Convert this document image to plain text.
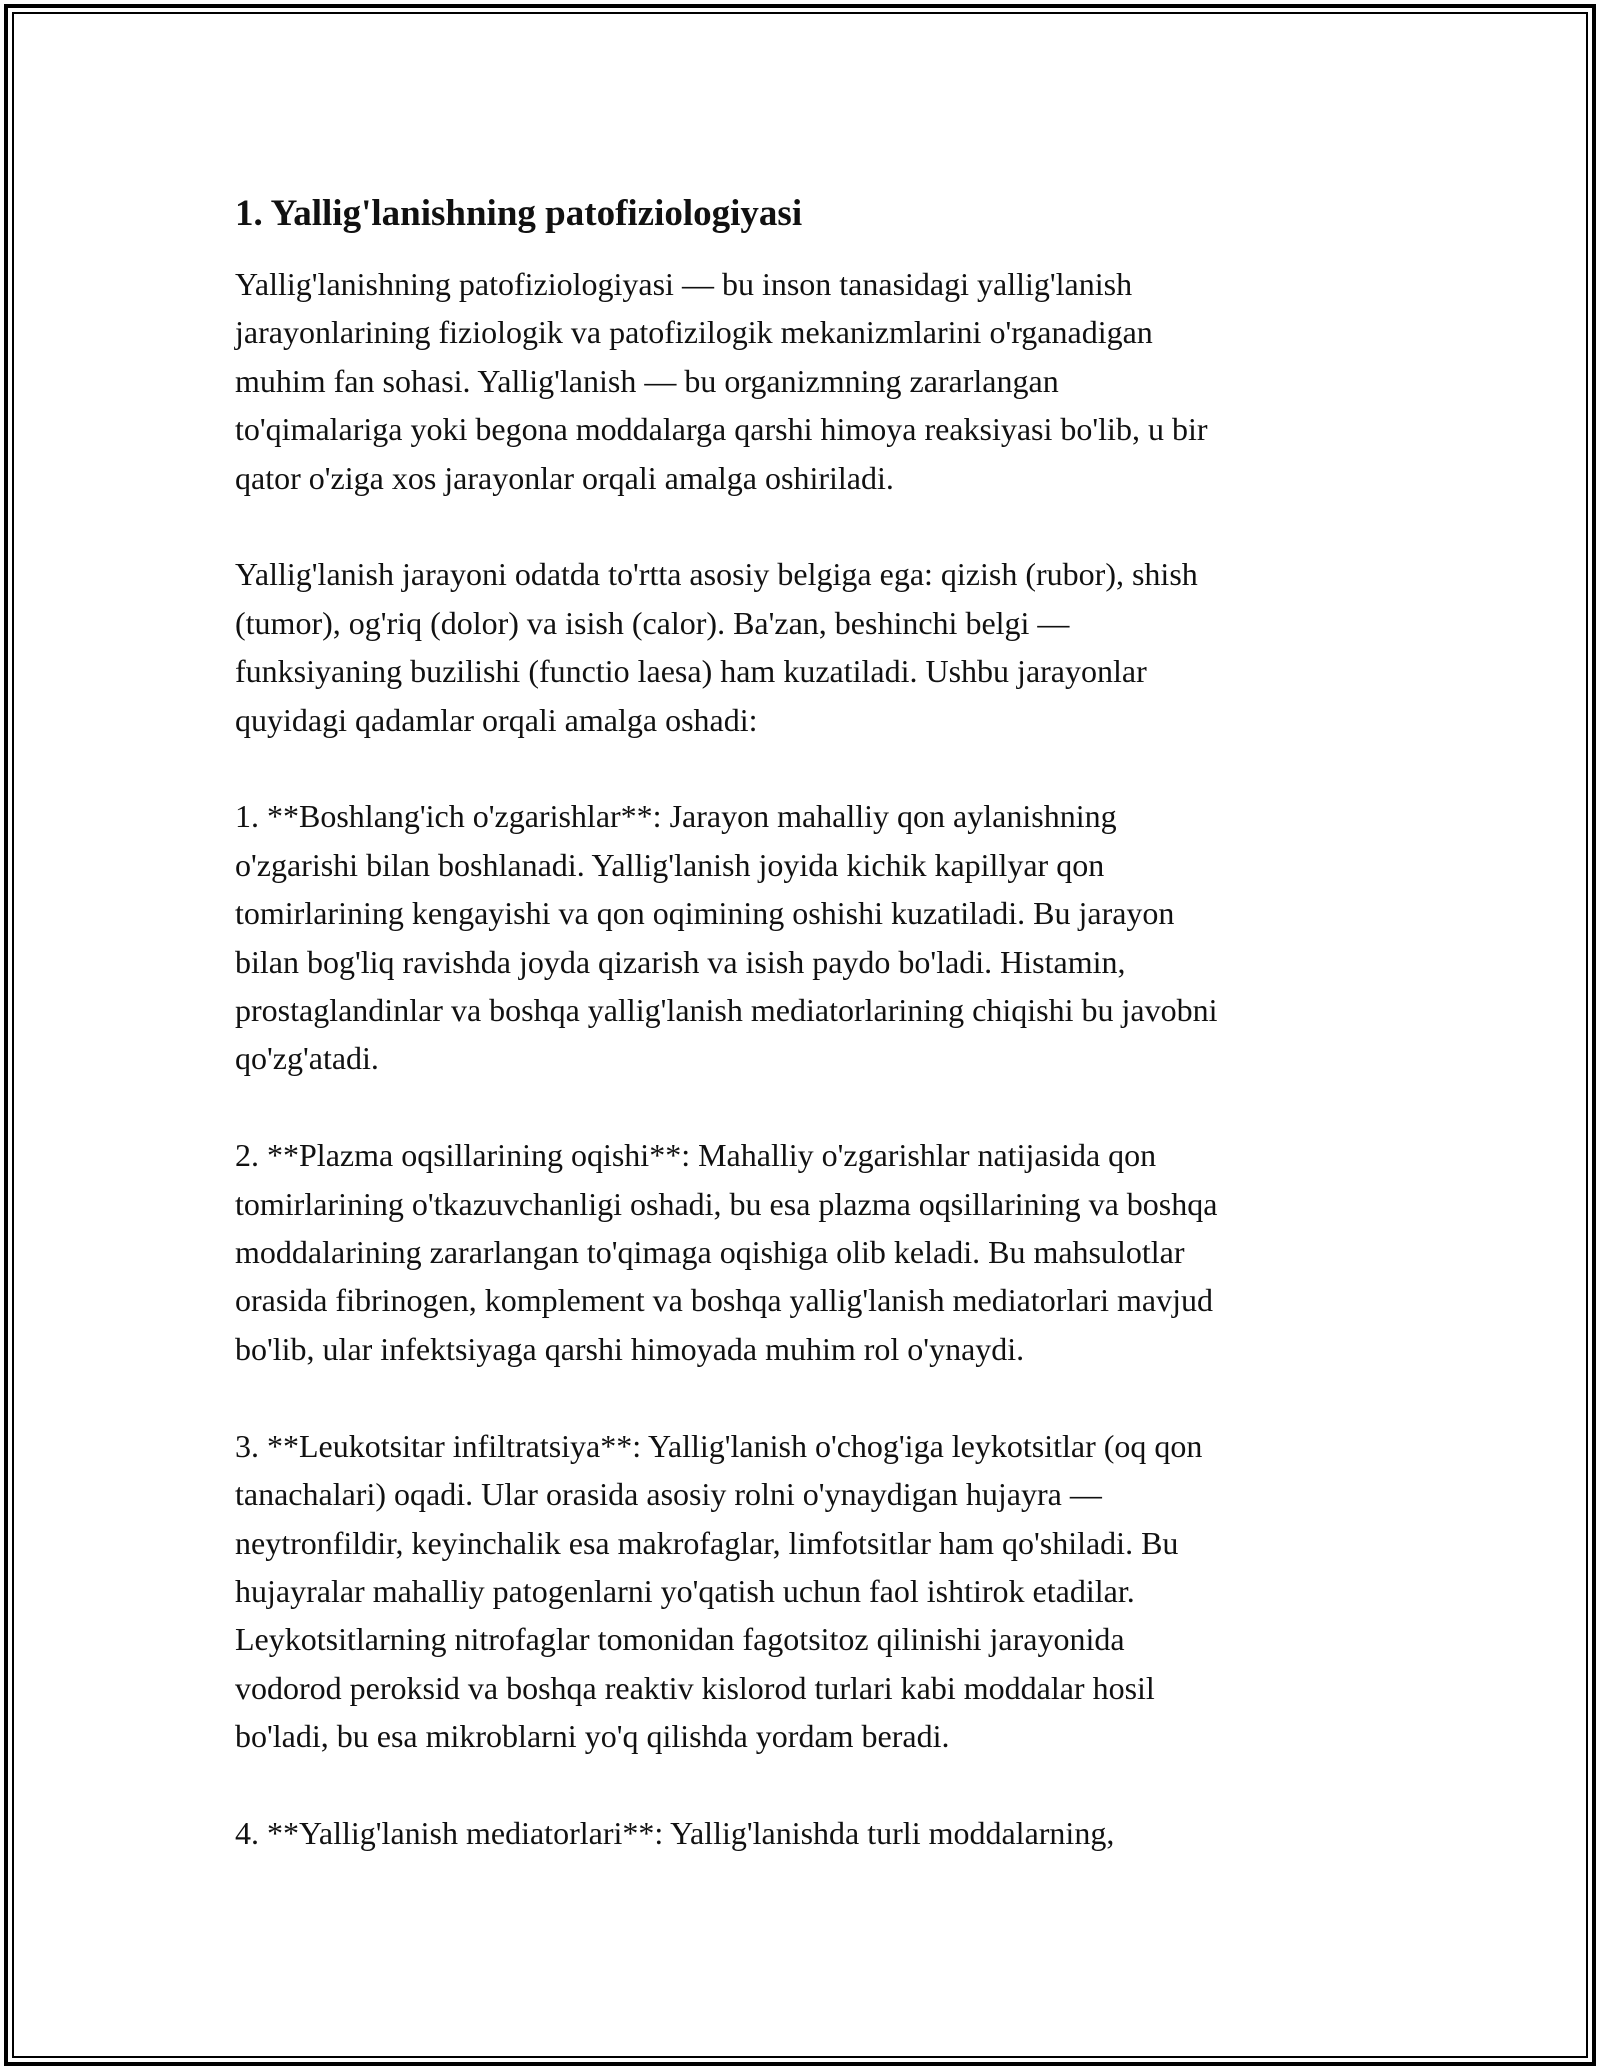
1. Yallig'lanishning patofiziologiyasi

Yallig'lanishning patofiziologiyasi — bu inson tanasidagi yallig'lanish
jarayonlarining fiziologik va patofizilogik mekanizmlarini o'rganadigan
muhim fan sohasi. Yallig'lanish — bu organizmning zararlangan
to'qimalariga yoki begona moddalarga qarshi himoya reaksiyasi bo'lib, u bir
qator o'ziga xos jarayonlar orqali amalga oshiriladi.

Yallig'lanish jarayoni odatda to'rtta asosiy belgiga ega: qizish (rubor), shish
(tumor), og'riq (dolor) va isish (calor). Ba'zan, beshinchi belgi —
funksiyaning buzilishi (functio laesa) ham kuzatiladi. Ushbu jarayonlar
quyidagi qadamlar orqali amalga oshadi:

1. **Boshlang'ich o'zgarishlar**: Jarayon mahalliy qon aylanishning
o'zgarishi bilan boshlanadi. Yallig'lanish joyida kichik kapillyar qon
tomirlarining kengayishi va qon oqimining oshishi kuzatiladi. Bu jarayon
bilan bog'liq ravishda joyda qizarish va isish paydo bo'ladi. Histamin,
prostaglandinlar va boshqa yallig'lanish mediatorlarining chiqishi bu javobni
qo'zg'atadi.

2. **Plazma oqsillarining oqishi**: Mahalliy o'zgarishlar natijasida qon
tomirlarining o'tkazuvchanligi oshadi, bu esa plazma oqsillarining va boshqa
moddalarining zararlangan to'qimaga oqishiga olib keladi. Bu mahsulotlar
orasida fibrinogen, komplement va boshqa yallig'lanish mediatorlari mavjud
bo'lib, ular infektsiyaga qarshi himoyada muhim rol o'ynaydi.

3. **Leukotsitar infiltratsiya**: Yallig'lanish o'chog'iga leykotsitlar (oq qon
tanachalari) oqadi. Ular orasida asosiy rolni o'ynaydigan hujayra —
neytronfildir, keyinchalik esa makrofaglar, limfotsitlar ham qo'shiladi. Bu
hujayralar mahalliy patogenlarni yo'qatish uchun faol ishtirok etadilar.
Leykotsitlarning nitrofaglar tomonidan fagotsitoz qilinishi jarayonida
vodorod peroksid va boshqa reaktiv kislorod turlari kabi moddalar hosil
bo'ladi, bu esa mikroblarni yo'q qilishda yordam beradi.

4. **Yallig'lanish mediatorlari**: Yallig'lanishda turli moddalarning,
